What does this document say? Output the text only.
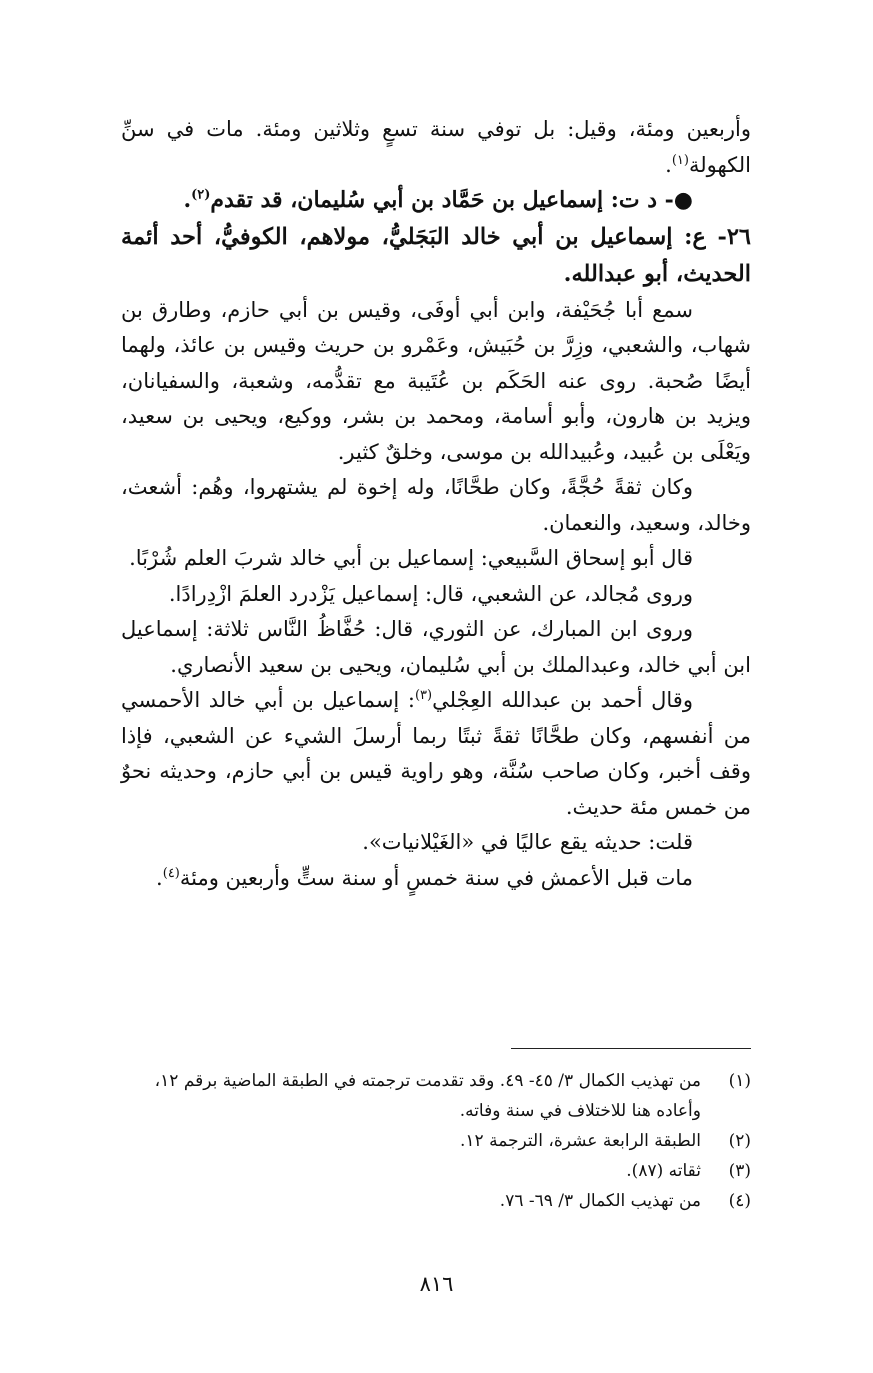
وأربعين ومئة، وقيل: بل توفي سنة تسعٍ وثلاثين ومئة. مات في سنِّ الكهولة$^{(١)}$.

●- د ت: إسماعيل بن حَمَّاد بن أبي سُليمان، قد تقدم$^{(٢)}$.

٢٦- ع: إسماعيل بن أبي خالد البَجَليُّ، مولاهم، الكوفيُّ، أحد أئمة الحديث، أبو عبدالله.

سمع أبا جُحَيْفة، وابن أبي أوفَى، وقيس بن أبي حازم، وطارق بن شهاب، والشعبي، وزِرَّ بن حُبَيش، وعَمْرو بن حريث وقيس بن عائذ، ولهما أيضًا صُحبة. روى عنه الحَكَم بن عُتَيبة مع تقدُّمه، وشعبة، والسفيانان، ويزيد بن هارون، وأبو أسامة، ومحمد بن بشر، ووكيع، ويحيى بن سعيد، ويَعْلَى بن عُبيد، وعُبيدالله بن موسى، وخلقٌ كثير.

وكان ثقةً حُجَّةً، وكان طحَّانًا، وله إخوة لم يشتهروا، وهُم: أشعث، وخالد، وسعيد، والنعمان.

قال أبو إسحاق السَّبيعي: إسماعيل بن أبي خالد شربَ العلم شُرْبًا.

وروى مُجالد، عن الشعبي، قال: إسماعيل يَزْدرد العلمَ ازْدِرادًا.

وروى ابن المبارك، عن الثوري، قال: حُفَّاظُ النَّاس ثلاثة: إسماعيل ابن أبي خالد، وعبدالملك بن أبي سُليمان، ويحيى بن سعيد الأنصاري.

وقال أحمد بن عبدالله العِجْلي$^{(٣)}$: إسماعيل بن أبي خالد الأحمسي من أنفسهم، وكان طحَّانًا ثقةً ثبتًا ربما أرسلَ الشيء عن الشعبي، فإذا وقف أخبر، وكان صاحب سُنَّة، وهو راوية قيس بن أبي حازم، وحديثه نحوٌ من خمس مئة حديث.

قلت: حديثه يقع عاليًا في «الغَيْلانيات».

مات قبل الأعمش في سنة خمسٍ أو سنة ستٍّ وأربعين ومئة$^{(٤)}$.

(١)
من تهذيب الكمال ٣/ ٤٥- ٤٩. وقد تقدمت ترجمته في الطبقة الماضية برقم ١٢، وأعاده هنا للاختلاف في سنة وفاته.
(٢)
الطبقة الرابعة عشرة، الترجمة ١٢.
(٣)
ثقاته (٨٧).
(٤)
من تهذيب الكمال ٣/ ٦٩- ٧٦.
٨١٦
